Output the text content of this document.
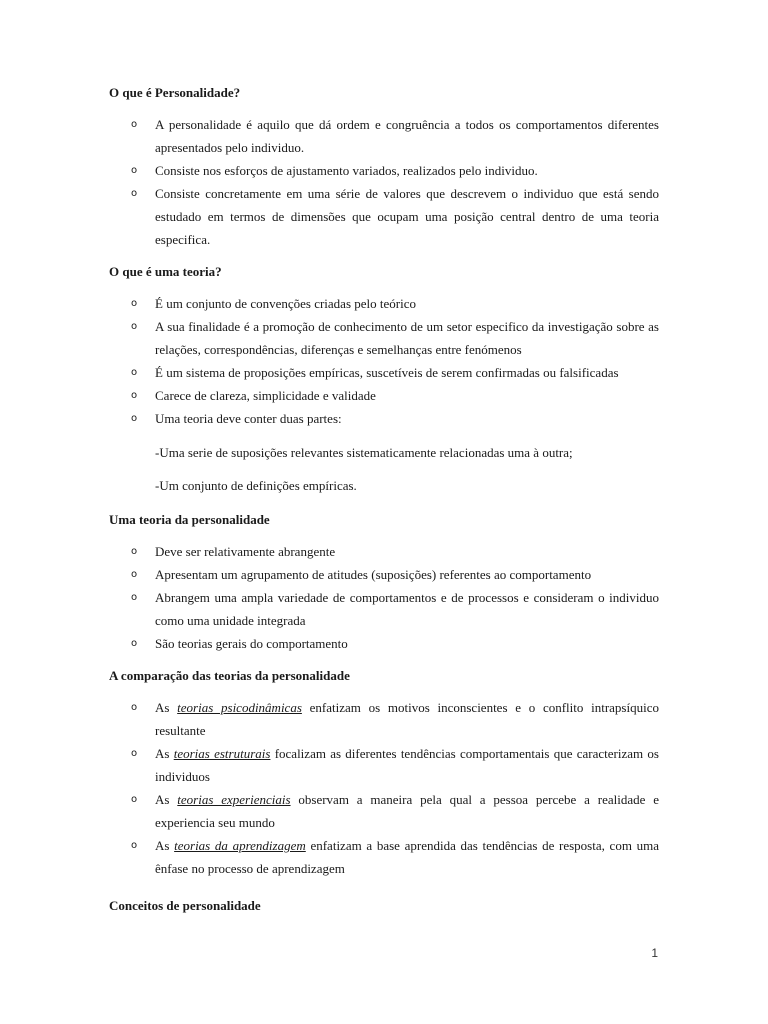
O que é Personalidade?
o A personalidade é aquilo que dá ordem e congruência a todos os comportamentos diferentes apresentados pelo individuo.
o Consiste nos esforços de ajustamento variados, realizados pelo individuo.
o Consiste concretamente em uma série de valores que descrevem o individuo que está sendo estudado em termos de dimensões que ocupam uma posição central dentro de uma teoria especifica.
O que é uma teoria?
o É um conjunto de convenções criadas pelo teórico
o A sua finalidade é a promoção de conhecimento de um setor especifico da investigação sobre as relações, correspondências, diferenças e semelhanças entre fenómenos
o É um sistema de proposições empíricas, suscetíveis de serem confirmadas ou falsificadas
o Carece de clareza, simplicidade e validade
o Uma teoria deve conter duas partes:
-Uma serie de suposições relevantes sistematicamente relacionadas uma à outra;
-Um conjunto de definições empíricas.
Uma teoria da personalidade
o Deve ser relativamente abrangente
o Apresentam um agrupamento de atitudes (suposições) referentes ao comportamento
o Abrangem uma ampla variedade de comportamentos e de processos e consideram o individuo como uma unidade integrada
o São teorias gerais do comportamento
A comparação das teorias da personalidade
o As teorias psicodinâmicas enfatizam os motivos inconscientes e o conflito intrapsíquico resultante
o As teorias estruturais focalizam as diferentes tendências comportamentais que caracterizam os individuos
o As teorias experienciais observam a maneira pela qual a pessoa percebe a realidade e experiencia seu mundo
o As teorias da aprendizagem enfatizam a base aprendida das tendências de resposta, com uma ênfase no processo de aprendizagem
Conceitos de personalidade
1
